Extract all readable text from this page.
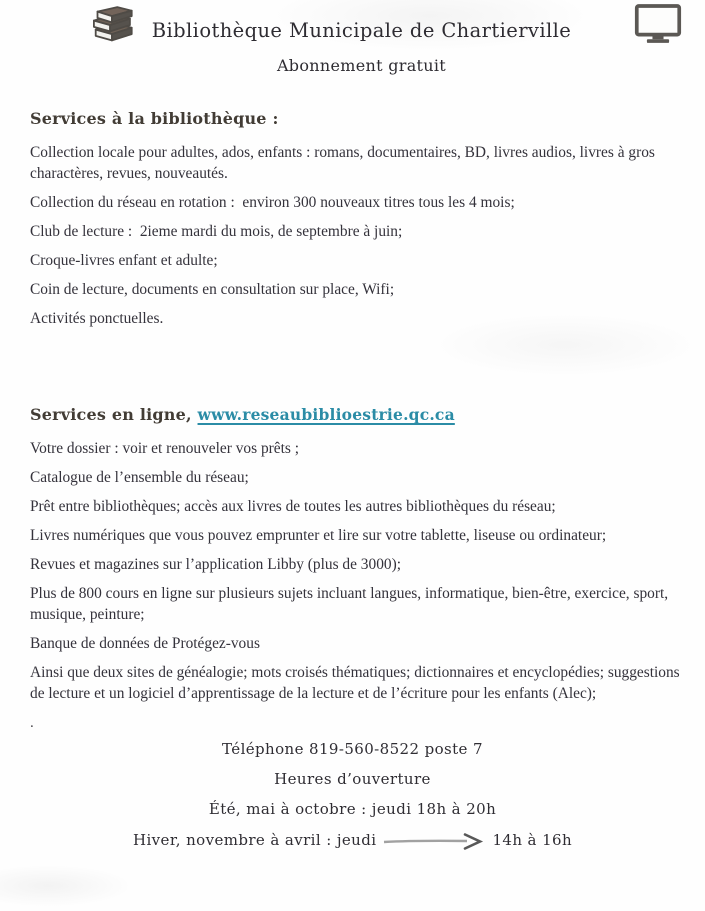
Bibliothèque Municipale de Chartierville
Abonnement gratuit
Services à la bibliothèque :

Collection locale pour adultes, ados, enfants : romans, documentaires, BD, livres audios, livres à gros charactères, revues, nouveautés.

Collection du réseau en rotation :  environ 300 nouveaux titres tous les 4 mois;

Club de lecture :  2ieme mardi du mois, de septembre à juin;

Croque-livres enfant et adulte;

Coin de lecture, documents en consultation sur place, Wifi;

Activités ponctuelles.

Services en ligne, www.reseaubiblioestrie.qc.ca

Votre dossier : voir et renouveler vos prêts ;

Catalogue de l’ensemble du réseau;

Prêt entre bibliothèques; accès aux livres de toutes les autres bibliothèques du réseau;

Livres numériques que vous pouvez emprunter et lire sur votre tablette, liseuse ou ordinateur;

Revues et magazines sur l’application Libby (plus de 3000);

Plus de 800 cours en ligne sur plusieurs sujets incluant langues, informatique, bien-être, exercice, sport, musique, peinture;

Banque de données de Protégez-vous

Ainsi que deux sites de généalogie; mots croisés thématiques; dictionnaires et encyclopédies; suggestions de lecture et un logiciel d’apprentissage de la lecture et de l’écriture pour les enfants (Alec);

.

Téléphone 819-560-8522 poste 7

Heures d’ouverture

Été, mai à octobre : jeudi 18h à 20h

Hiver, novembre à avril : jeudi	14h à 16h
